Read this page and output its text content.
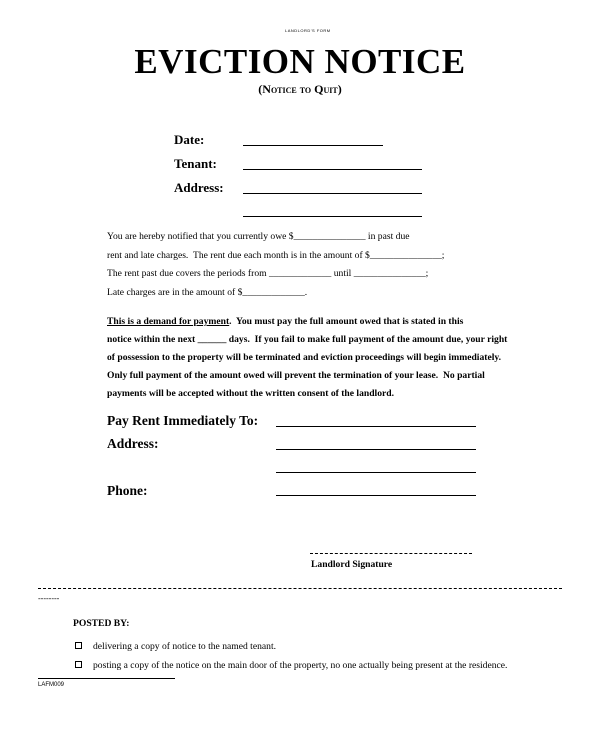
LANDLORD'S FORM
EVICTION NOTICE
(Notice to Quit)
Date:
Tenant:
Address:
You are hereby notified that you currently owe $_______________ in past due
rent and late charges.  The rent due each month is in the amount of $_______________;
The rent past due covers the periods from _____________ until _______________;
Late charges are in the amount of $_____________.
This is a demand for payment.  You must pay the full amount owed that is stated in this
notice within the next ______ days.  If you fail to make full payment of the amount due, your right
of possession to the property will be terminated and eviction proceedings will begin immediately.
Only full payment of the amount owed will prevent the termination of your lease.  No partial
payments will be accepted without the written consent of the landlord.
Pay Rent Immediately To:
Address:
Phone:
Landlord Signature
--------
POSTED BY:
delivering a copy of notice to the named tenant.
posting a copy of the notice on the main door of the property, no one actually being present at the residence.
LAFM009
